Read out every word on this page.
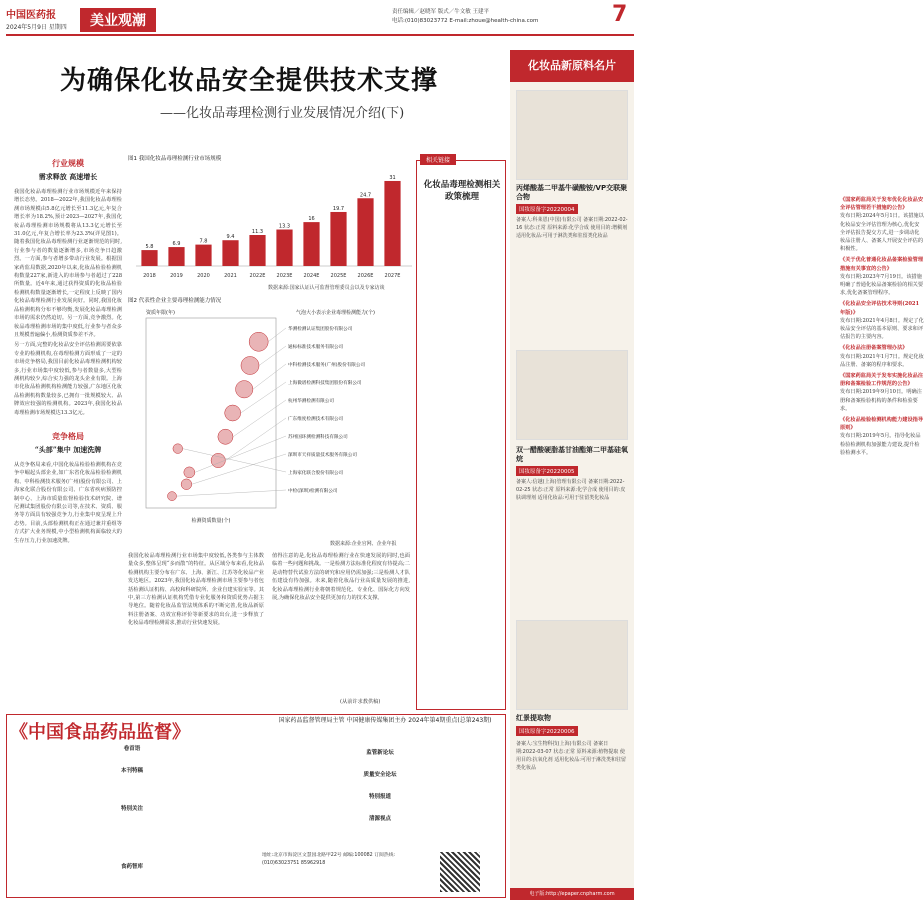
中国医药报
2024年5月9日 星期四	美业观潮
责任编辑／赵晓军 版式／牛文敏 王建平
电话:(010)83023772 E-mail:zhoue@health-china.com	7
为确保化妆品安全提供技术支撑
——化妆品毒理检测行业发展情况介绍(下)
行业规模
需求释放 高速增长
我国化妆品毒理检测行业市场规模近年来保持增长态势。2018—2022年,我国化妆品毒理检测市场规模由5.8亿元增长至11.3亿元,年复合增长率为18.2%,预计2023—2027年,我国化妆品毒理检测市场规模将从13.3亿元增长至31.0亿元,年复合增长率为23.3%(详见图1)。随着我国化妆品毒理检测行业逐渐规范的同时,行业参与者的数量逐渐增多,市场竞争日趋激烈。一方面,参与者增多带动行业发展。根据国家药监局数据,2020年以来,化妆品检验检测机构数量227家,新进入的市场参与者超过了228所数量。近4年来,通过获得资质的化妆品检验检测机构数量逐渐增长,一定程度上反映了国内化妆品毒理检测行业发展向好。同时,我国化妆品检测机构分布不够均衡,发展化妆品毒理检测市场的需求仍然迫切。另一方面,竞争激烈。化妆品毒理检测市场的集中度低,行业参与者众多且规模普遍偏小,检测资质参差不齐。
另一方面,完整的化妆品安全评估检测需要依靠专业的检测机构,在毒理检测方面形成了一定的市场竞争格局,我国目前化妆品毒理检测机构较多,行业市场集中度较低,参与者数量多,大型检测机构较少,综合实力强的龙头企业有限。上海市化妆品检测机构检测能力较强,广东地区化妆品检测机构数量较多,已拥有一批规模较大、品牌效应较强的检测机构。2023年,我国化妆品毒理检测市场规模达13.3亿元。
竞争格局
“头部”集中 加速洗牌
从竞争格局来看,中国化妆品检验检测机构在竞争中崛起头部企业,如广东省化妆品检验检测机构、中科检测技术服务(广州)股份有限公司、上海家化联合股份有限公司、广东省疾病预防控制中心、上海市质量监督检验技术研究院、谱尼测试集团股份有限公司等,在技术、资质、服务等方面具有较强竞争力,行业集中度呈现上升态势。目前,头部检测机构正在通过兼并重组等方式扩大业务规模,中小型检测机构面临较大的生存压力,行业加速洗牌。
图1 我国化妆品毒理检测行业市场规模
5.8
2018
6.9
2019
7.8
2020
9.4
2021
11.3
2022E
13.3
2023E
16
2024E
19.7
2025E
24.7
2026E
31
2027E
数据来源:国家认证认可监督管理委员会以及专家访谈
图2 代表性企业主要毒理检测能力情况
资质年限(年)	气泡大小表示企业毒理检测能力(个)
检测资质数量(个)
华测检测认证集团股份有限公司
通标标准技术服务有限公司
中科检测技术服务(广州)股份有限公司
上海微谱检测科技集团股份有限公司
杭州华测检测有限公司
广东维度检测技术有限公司
苏州国环测检测科技有限公司
深圳市天祥质量技术服务有限公司
上海家化联合股份有限公司
中检(深圳)检测有限公司
数据来源:企业官网、企业年报
我国化妆品毒理检测行业市场集中度较低,各类参与主体数量众多,整体呈现“多而散”的特征。从区域分布来看,化妆品检测机构主要分布在广东、上海、浙江、江苏等化妆品产业发达地区。2023年,我国化妆品毒理检测市场主要参与者包括检测认证机构、高校和科研院所、企业自建实验室等。其中,第三方检测认证机构凭借专业化服务和资质优势占据主导地位。随着化妆品监管法规体系的不断完善,化妆品新原料注册备案、功效宣称评价等新要求的出台,进一步释放了化妆品毒理检测需求,推动行业快速发展。
值得注意的是,化妆品毒理检测行业在快速发展的同时,也面临着一些问题和挑战。一是检测方法标准化程度有待提高;二是动物替代试验方法的研究和应用仍需加强;三是检测人才队伍建设有待加强。未来,随着化妆品行业高质量发展的推进,化妆品毒理检测行业将朝着规范化、专业化、国际化方向发展,为确保化妆品安全提供更加有力的技术支撑。
(从前许求教供稿)
相关链接
化妆品毒理检测相关政策梳理	《国家药监局关于发布优化化妆品安全评估管理若干措施的公告》
发布日期:2024年5月1日。该措施以化妆品安全评估管理为核心,优化安全评估报告提交方式,进一步调动化妆品注册人、备案人开展安全评估的积极性。
《关于优化普通化妆品备案检验管理措施有关事宜的公告》
发布日期:2023年7月19日。该措施明确了普通化妆品备案检验的相关要求,优化备案管理程序。
《化妆品安全评估技术导则(2021年版)》
发布日期:2021年4月8日。规定了化妆品安全评估的基本原则、要求和评估报告的主要内容。
《化妆品注册备案管理办法》
发布日期:2021年1月7日。规定化妆品注册、备案的程序和要求。
《国家药监局关于发布实施化妆品注册和备案检验工作规范的公告》
发布日期:2019年9月10日。明确注册和备案检验机构的条件和检验要求。
《化妆品检验检测机构能力建设指导原则》
发布日期:2019年5月。指导化妆品检验检测机构加强能力建设,提升检验检测水平。
化妆品新原料名片
丙烯酸基二甲基牛磺酸铵/VP交联聚合物
国妆原备字20220004
备案人:科莱恩(中国)有限公司 备案日期:2022-02-16 状态:正常 原料来源:化学合成 使用目的:增稠剂 适用化妆品:可用于淋洗类和驻留类化妆品
双一醋酸硬脂基甘油酯第二甲基硅氧烷
国妆原备字20220005
备案人:信越(上海)管理有限公司 备案日期:2022-02-25 状态:正常 原料来源:化学合成 使用目的:皮肤调理剂 适用化妆品:可用于驻留类化妆品
红景提取物
国妆原备字20220006
备案人:宝生物科技(上海)有限公司 备案日期:2022-03-07 状态:正常 原料来源:植物提取 使用目的:抗氧化剂 适用化妆品:可用于淋洗类和驻留类化妆品
电子版:http://epaper.cnpharm.com
《中国食品药品监督》
国家药品监督管理局主管 中国健康传媒集团主办 2024年第4期重点(总第243期)
卷首语
本刊特稿
特别关注
食药智库
监管新论坛
质量安全论坛
特别报道
清源视点
地址:北京市海淀区文慧园北路甲22号 邮编:100082 订阅热线:(010)63023751 85962918
